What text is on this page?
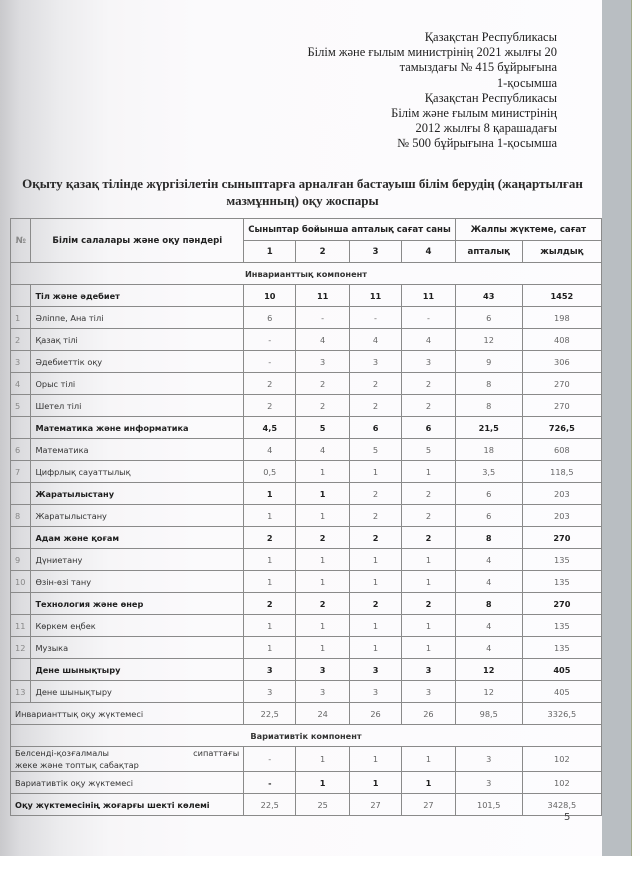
Қазақстан Республикасы
Білім және ғылым министрінің 2021 жылғы 20
тамыздағы № 415 бұйрығына
1-қосымша
Қазақстан Республикасы
Білім және ғылым министрінің
2012 жылғы 8 қарашадағы
№ 500 бұйрығына 1-қосымша
Оқыту қазақ тілінде жүргізілетін сыныптарға арналған бастауыш білім берудің (жаңартылған
мазмұнның) оқу жоспары
№	Білім салалары және оқу пәндері	Сыныптар бойынша апталық сағат саны				Жалпы жүктеме, сағат	
		1	2	3	4	апталық	жылдық
Инварианттық компонент							
	Тіл және әдебиет	10	11	11	11	43	1452
1	Әліппе, Ана тілі	6	-	-	-	6	198
2	Қазақ тілі	-	4	4	4	12	408
3	Әдебиеттік оқу	-	3	3	3	9	306
4	Орыс тілі	2	2	2	2	8	270
5	Шетел тілі	2	2	2	2	8	270
	Математика және информатика	4,5	5	6	6	21,5	726,5
6	Математика	4	4	5	5	18	608
7	Цифрлық сауаттылық	0,5	1	1	1	3,5	118,5
	Жаратылыстану	1	1	2	2	6	203
8	Жаратылыстану	1	1	2	2	6	203
	Адам және қоғам	2	2	2	2	8	270
9	Дүниетану	1	1	1	1	4	135
10	Өзін-өзі тану	1	1	1	1	4	135
	Технология және өнер	2	2	2	2	8	270
11	Көркем еңбек	1	1	1	1	4	135
12	Музыка	1	1	1	1	4	135
	Дене шынықтыру	3	3	3	3	12	405
13	Дене шынықтыру	3	3	3	3	12	405
Инварианттық оқу жүктемесі		22,5	24	26	26	98,5	3326,5
Вариативтік компонент							

Белсенді-қозғалмалы сипаттағы
жеке және топтық сабақтар		-	1	1	1	3	102
Вариативтік оқу жүктемесі		-	1	1	1	3	102
Оқу жүктемесінің жоғарғы шекті көлемі		22,5	25	27	27	101,5	3428,5
5
